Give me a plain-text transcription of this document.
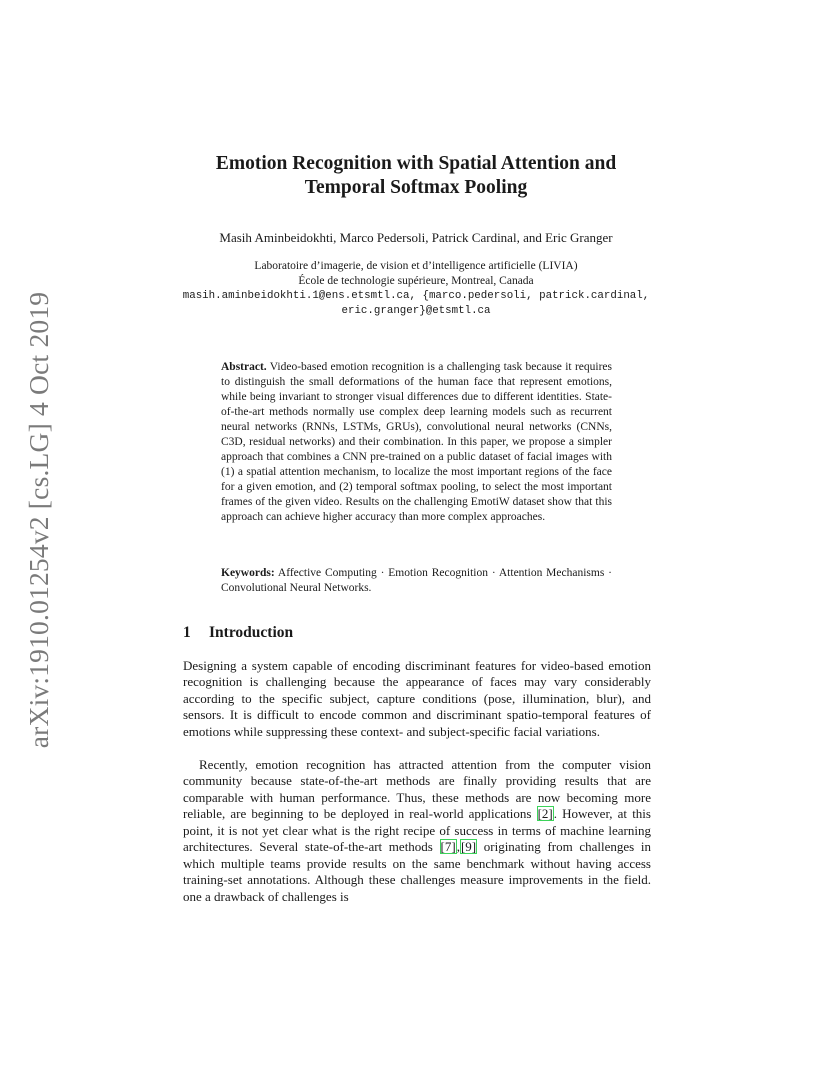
arXiv:1910.01254v2 [cs.LG] 4 Oct 2019
Emotion Recognition with Spatial Attention and
Temporal Softmax Pooling
Masih Aminbeidokhti, Marco Pedersoli, Patrick Cardinal, and Eric Granger
Laboratoire d’imagerie, de vision et d’intelligence artificielle (LIVIA)
École de technologie supérieure, Montreal, Canada
masih.aminbeidokhti.1@ens.etsmtl.ca, {marco.pedersoli, patrick.cardinal,
eric.granger}@etsmtl.ca
Abstract. Video-based emotion recognition is a challenging task because it requires to distinguish the small deformations of the human face that represent emotions, while being invariant to stronger visual differences due to different identities. State-of-the-art methods normally use complex deep learning models such as recurrent neural networks (RNNs, LSTMs, GRUs), convolutional neural networks (CNNs, C3D, residual networks) and their combination. In this paper, we propose a simpler approach that combines a CNN pre-trained on a public dataset of facial images with (1) a spatial attention mechanism, to localize the most important regions of the face for a given emotion, and (2) temporal softmax pooling, to select the most important frames of the given video. Results on the challenging EmotiW dataset show that this approach can achieve higher accuracy than more complex approaches.
Keywords: Affective Computing · Emotion Recognition · Attention Mechanisms · Convolutional Neural Networks.
1 Introduction
Designing a system capable of encoding discriminant features for video-based emotion recognition is challenging because the appearance of faces may vary considerably according to the specific subject, capture conditions (pose, illumination, blur), and sensors. It is difficult to encode common and discriminant spatio-temporal features of emotions while suppressing these context- and subject-specific facial variations.
Recently, emotion recognition has attracted attention from the computer vision community because state-of-the-art methods are finally providing results that are comparable with human performance. Thus, these methods are now becoming more reliable, are beginning to be deployed in real-world applications [2]. However, at this point, it is not yet clear what is the right recipe of success in terms of machine learning architectures. Several state-of-the-art methods [7],[9] originating from challenges in which multiple teams provide results on the same benchmark without having access training-set annotations. Although these challenges measure improvements in the field. one a drawback of challenges is
